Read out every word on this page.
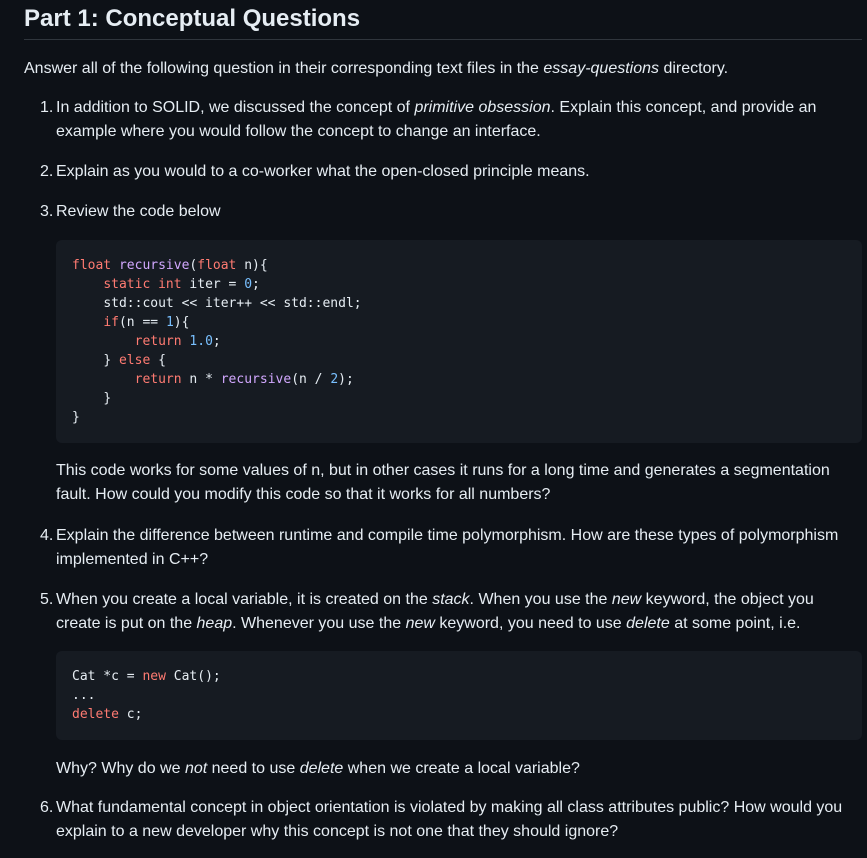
Part 1: Conceptual Questions

Answer all of the following question in their corresponding text files in the essay-questions directory.

1. In addition to SOLID, we discussed the concept of primitive obsession. Explain this concept, and provide an example where you would follow the concept to change an interface.
2. Explain as you would to a co-worker what the open-closed principle means.
3. Review the code below
float recursive(float n){
static int iter = 0;
std::cout << iter++ << std::endl;
if(n == 1){
return 1.0;
} else {
return n * recursive(n / 2);
}
}

This code works for some values of n, but in other cases it runs for a long time and generates a segmentation fault. How could you modify this code so that it works for all numbers?

4. Explain the difference between runtime and compile time polymorphism. How are these types of polymorphism implemented in C++?
5. When you create a local variable, it is created on the stack. When you use the new keyword, the object you create is put on the heap. Whenever you use the new keyword, you need to use delete at some point, i.e.
Cat *c = new Cat();
...
delete c;

Why? Why do we not need to use delete when we create a local variable?

6. What fundamental concept in object orientation is violated by making all class attributes public? How would you explain to a new developer why this concept is not one that they should ignore?
